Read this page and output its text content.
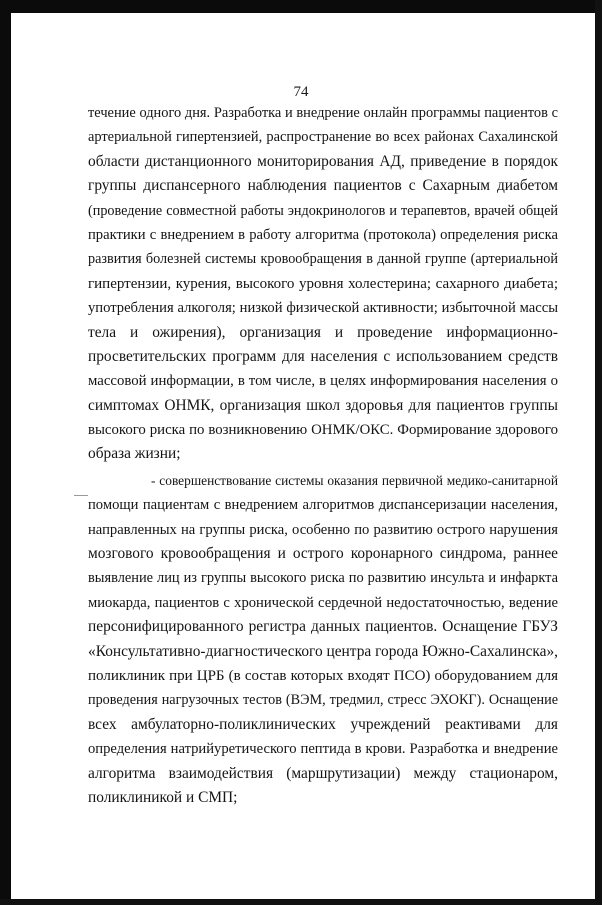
74
течение одного дня. Разработка и внедрение онлайн программы пациентов с
артериальной гипертензией, распространение во всех районах Сахалинской
области дистанционного мониторирования АД, приведение в порядок
группы диспансерного наблюдения пациентов с Сахарным диабетом
(проведение совместной работы эндокринологов и терапевтов, врачей общей
практики с внедрением в работу алгоритма (протокола) определения риска
развития болезней системы кровообращения в данной группе (артериальной
гипертензии, курения, высокого уровня холестерина; сахарного диабета;
употребления алкоголя; низкой физической активности; избыточной массы
тела и ожирения), организация и проведение информационно-
просветительских программ для населения с использованием средств
массовой информации, в том числе, в целях информирования населения о
симптомах ОНМК, организация школ здоровья для пациентов группы
высокого риска по возникновению ОНМК/ОКС. Формирование здорового
образа жизни;
- совершенствование системы оказания первичной медико-санитарной
помощи пациентам с внедрением алгоритмов диспансеризации населения,
направленных на группы риска, особенно по развитию острого нарушения
мозгового кровообращения и острого коронарного синдрома, раннее
выявление лиц из группы высокого риска по развитию инсульта и инфаркта
миокарда, пациентов с хронической сердечной недостаточностью, ведение
персонифицированного регистра данных пациентов. Оснащение ГБУЗ
«Консультативно-диагностического центра города Южно-Сахалинска»,
поликлиник при ЦРБ (в состав которых входят ПСО) оборудованием для
проведения нагрузочных тестов (ВЭМ, тредмил, стресс ЭХОКГ). Оснащение
всех амбулаторно-поликлинических учреждений реактивами для
определения натрийуретического пептида в крови. Разработка и внедрение
алгоритма взаимодействия (маршрутизации) между стационаром,
поликлиникой и СМП;
